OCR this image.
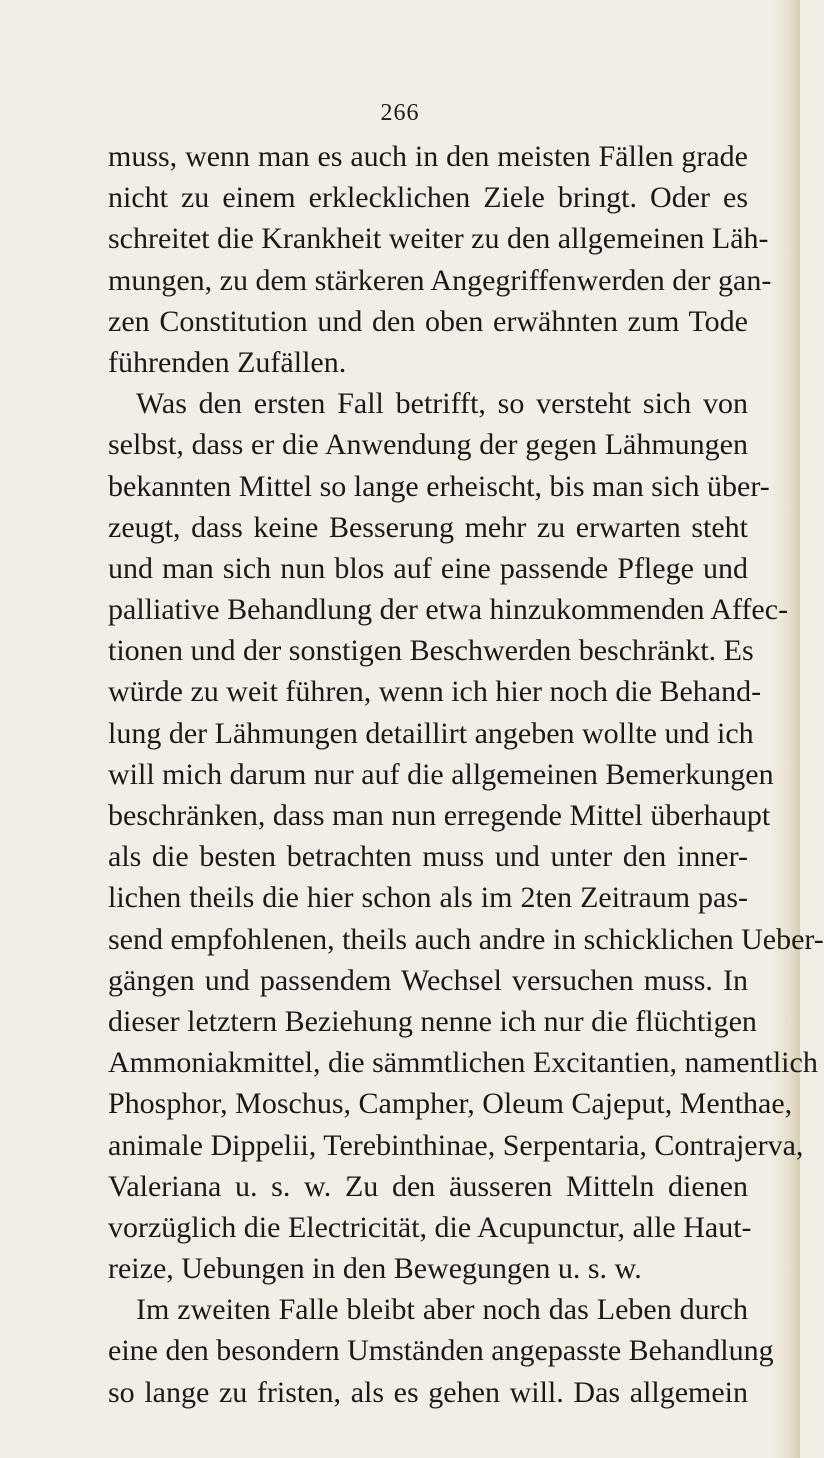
266
muss, wenn man es auch in den meisten Fällen grade
nicht zu einem erklecklichen Ziele bringt. Oder es
schreitet die Krankheit weiter zu den allgemeinen Läh-
mungen, zu dem stärkeren Angegriffenwerden der gan-
zen Constitution und den oben erwähnten zum Tode
führenden Zufällen.
Was den ersten Fall betrifft, so versteht sich von
selbst, dass er die Anwendung der gegen Lähmungen
bekannten Mittel so lange erheischt, bis man sich über-
zeugt, dass keine Besserung mehr zu erwarten steht
und man sich nun blos auf eine passende Pflege und
palliative Behandlung der etwa hinzukommenden Affec-
tionen und der sonstigen Beschwerden beschränkt. Es
würde zu weit führen, wenn ich hier noch die Behand-
lung der Lähmungen detaillirt angeben wollte und ich
will mich darum nur auf die allgemeinen Bemerkungen
beschränken, dass man nun erregende Mittel überhaupt
als die besten betrachten muss und unter den inner-
lichen theils die hier schon als im 2ten Zeitraum pas-
send empfohlenen, theils auch andre in schicklichen Ueber-
gängen und passendem Wechsel versuchen muss. In
dieser letztern Beziehung nenne ich nur die flüchtigen
Ammoniakmittel, die sämmtlichen Excitantien, namentlich
Phosphor, Moschus, Campher, Oleum Cajeput, Menthae,
animale Dippelii, Terebinthinae, Serpentaria, Contrajerva,
Valeriana u. s. w. Zu den äusseren Mitteln dienen
vorzüglich die Electricität, die Acupunctur, alle Haut-
reize, Uebungen in den Bewegungen u. s. w.
Im zweiten Falle bleibt aber noch das Leben durch
eine den besondern Umständen angepasste Behandlung
so lange zu fristen, als es gehen will. Das allgemein
